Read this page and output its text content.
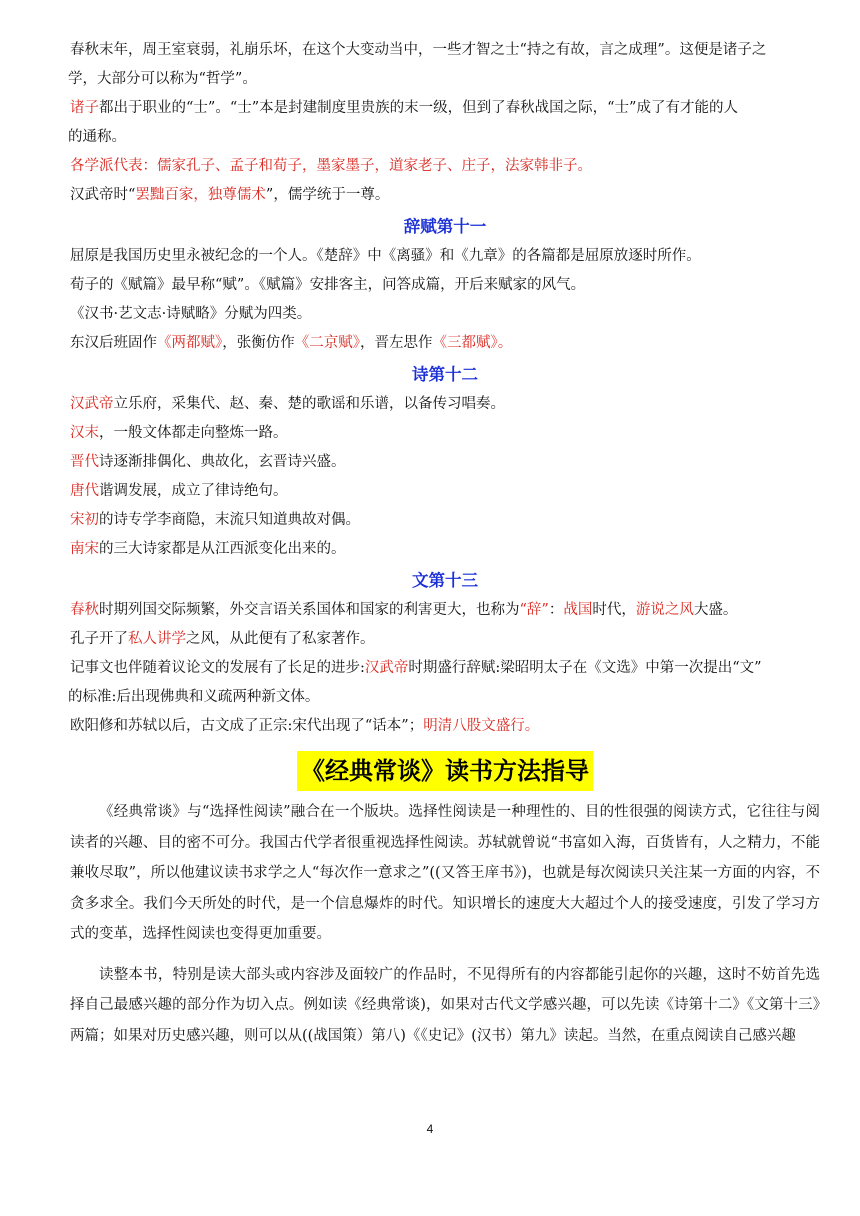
春秋末年，周王室衰弱，礼崩乐坏，在这个大变动当中，一些才智之士“持之有故，言之成理”。这便是诸子之

学，大部分可以称为“哲学”。

诸子都出于职业的“士”。“士”本是封建制度里贵族的末一级，但到了春秋战国之际，“士”成了有才能的人

的通称。

各学派代表：儒家孔子、孟子和荀子，墨家墨子，道家老子、庄子，法家韩非子。

汉武帝时“罢黜百家，独尊儒术”，儒学统于一尊。

辞赋第十一

屈原是我国历史里永被纪念的一个人。《楚辞》中《离骚》和《九章》的各篇都是屈原放逐时所作。

荀子的《赋篇》最早称“赋”。《赋篇》安排客主，问答成篇，开后来赋家的风气。

《汉书·艺文志·诗赋略》分赋为四类。

东汉后班固作《两都赋》，张衡仿作《二京赋》，晋左思作《三都赋》。

诗第十二

汉武帝立乐府，采集代、赵、秦、楚的歌谣和乐谱，以备传习唱奏。

汉末，一般文体都走向整炼一路。

晋代诗逐渐排偶化、典故化，玄晋诗兴盛。

唐代谐调发展，成立了律诗绝句。

宋初的诗专学李商隐，末流只知道典故对偶。

南宋的三大诗家都是从江西派变化出来的。

文第十三

春秋时期列国交际频繁，外交言语关系国体和国家的利害更大，也称为“辞”：战国时代，游说之风大盛。

孔子开了私人讲学之风，从此便有了私家著作。

记事文也伴随着议论文的发展有了长足的进步:汉武帝时期盛行辞赋:梁昭明太子在《文选》中第一次提出“文”

的标准:后出现佛典和义疏两种新文体。

欧阳修和苏轼以后，古文成了正宗:宋代出现了“话本”；明清八股文盛行。

《经典常谈》读书方法指导

《经典常谈》与“选择性阅读”融合在一个版块。选择性阅读是一种理性的、目的性很强的阅读方式，它往往与阅读者的兴趣、目的密不可分。我国古代学者很重视选择性阅读。苏轼就曾说“书富如入海，百货皆有，人之精力，不能兼收尽取”，所以他建议读书求学之人“每次作一意求之”((又答王庠书》)，也就是每次阅读只关注某一方面的内容，不贪多求全。我们今天所处的时代，是一个信息爆炸的时代。知识增长的速度大大超过个人的接受速度，引发了学习方式的变革，选择性阅读也变得更加重要。

读整本书，特别是读大部头或内容涉及面较广的作品时，不见得所有的内容都能引起你的兴趣，这时不妨首先选择自己最感兴趣的部分作为切入点。例如读《经典常谈)，如果对古代文学感兴趣，可以先读《诗第十二》《文第十三》两篇；如果对历史感兴趣，则可以从((战国策）第八)《《史记》(汉书）第九》读起。当然，在重点阅读自己感兴趣

4
